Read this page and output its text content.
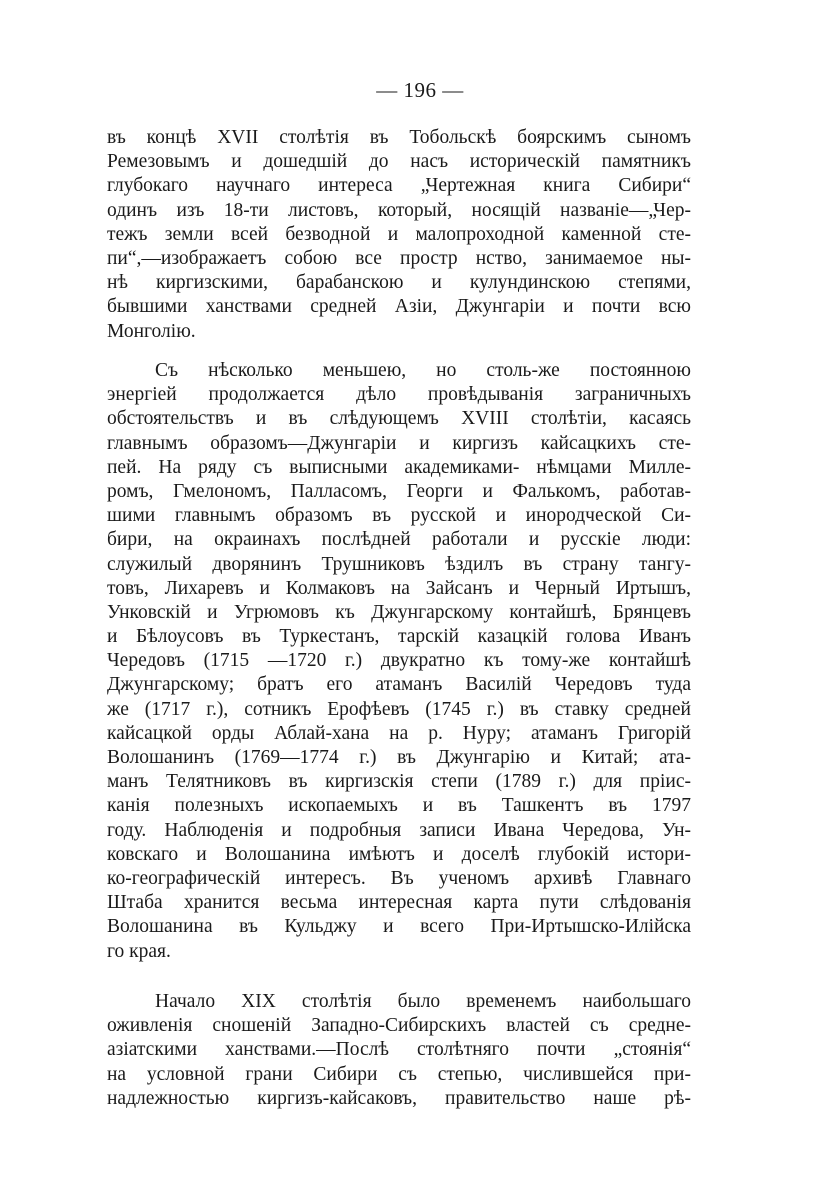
— 196 —
въ концѣ XVII столѣтія въ Тобольскѣ боярскимъ сыномъ
Ремезовымъ и дошедшій до насъ историческій памятникъ
глубокаго научнаго интереса „Чертежная книга Сибири“
одинъ изъ 18-ти листовъ, который, носящій названіе—„Чер-
тежъ земли всей безводной и малопроходной каменной сте-
пи“,—изображаетъ собою все простр нство, занимаемое ны-
нѣ киргизскими, барабанскою и кулундинскою степями,
бывшими ханствами средней Азіи, Джунгаріи и почти всю
Монголію.
Съ нѣсколько меньшею, но столь-же постоянною
энергіей продолжается дѣло провѣдыванія заграничныхъ
обстоятельствъ и въ слѣдующемъ XVIII столѣтіи, касаясь
главнымъ образомъ—Джунгаріи и киргизъ кайсацкихъ сте-
пей. На ряду съ выписными академиками- нѣмцами Милле-
ромъ, Гмелономъ, Палласомъ, Георги и Фалькомъ, работав-
шими главнымъ образомъ въ русской и инородческой Си-
бири, на окраинахъ послѣдней работали и русскіе люди:
служилый дворянинъ Трушниковъ ѣздилъ въ страну тангу-
товъ, Лихаревъ и Колмаковъ на Зайсанъ и Черный Иртышъ,
Унковскій и Угрюмовъ къ Джунгарскому контайшѣ, Брянцевъ
и Бѣлоусовъ въ Туркестанъ, тарскій казацкій голова Иванъ
Чередовъ (1715 —1720 г.) двукратно къ тому-же контайшѣ
Джунгарскому; братъ его атаманъ Василій Чередовъ туда
же (1717 г.), сотникъ Ерофѣевъ (1745 г.) въ ставку средней
кайсацкой орды Аблай-хана на р. Нуру; атаманъ Григорій
Волошанинъ (1769—1774 г.) въ Джунгарію и Китай; ата-
манъ Телятниковъ въ киргизскія степи (1789 г.) для пріис-
канія полезныхъ ископаемыхъ и въ Ташкентъ въ 1797
году. Наблюденія и подробныя записи Ивана Чередова, Ун-
ковскаго и Волошанина имѣютъ и доселѣ глубокій истори-
ко-географическій интересъ. Въ ученомъ архивѣ Главнаго
Штаба хранится весьма интересная карта пути слѣдованія
Волошанина въ Кульджу и всего При-Иртышско-Илійска
го края.
Начало XIX столѣтія было временемъ наибольшаго
оживленія сношеній Западно-Сибирскихъ властей съ средне-
азіатскими ханствами.—Послѣ столѣтняго почти „стоянія“
на условной грани Сибири съ степью, числившейся при-
надлежностью киргизъ-кайсаковъ, правительство наше рѣ-
